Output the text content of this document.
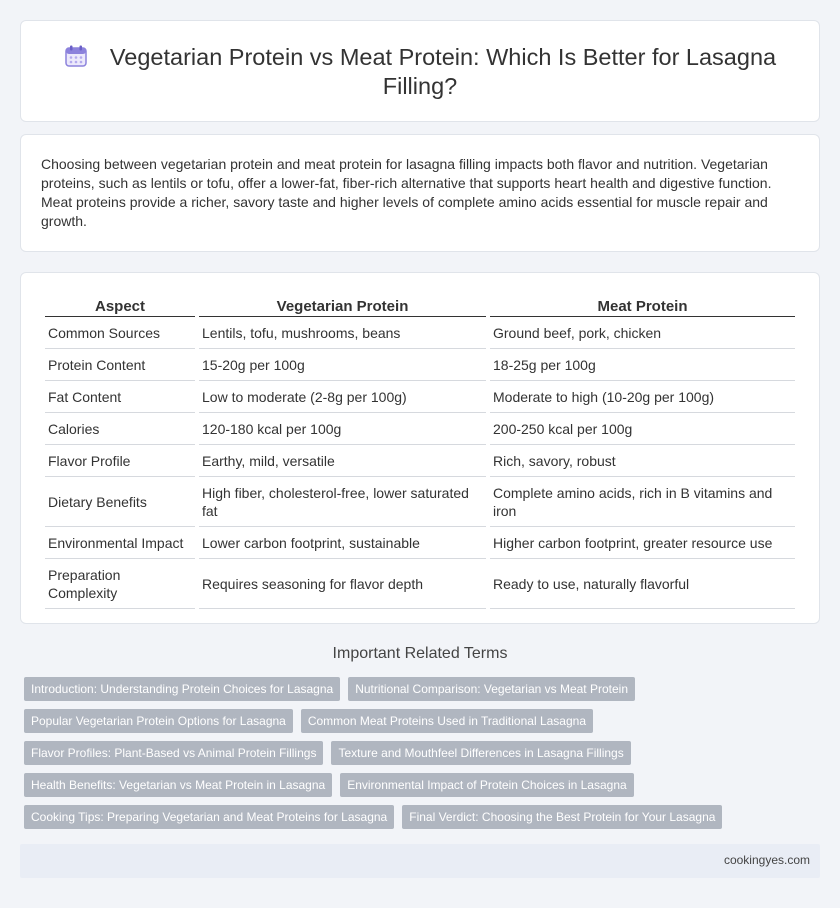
Vegetarian Protein vs Meat Protein: Which Is Better for Lasagna Filling?

Choosing between vegetarian protein and meat protein for lasagna filling impacts both flavor and nutrition. Vegetarian proteins, such as lentils or tofu, offer a lower-fat, fiber-rich alternative that supports heart health and digestive function. Meat proteins provide a richer, savory taste and higher levels of complete amino acids essential for muscle repair and growth.

Aspect	Vegetarian Protein	Meat Protein
Common Sources	Lentils, tofu, mushrooms, beans	Ground beef, pork, chicken
Protein Content	15-20g per 100g	18-25g per 100g
Fat Content	Low to moderate (2-8g per 100g)	Moderate to high (10-20g per 100g)
Calories	120-180 kcal per 100g	200-250 kcal per 100g
Flavor Profile	Earthy, mild, versatile	Rich, savory, robust
Dietary Benefits	High fiber, cholesterol-free, lower saturated fat	Complete amino acids, rich in B vitamins and iron
Environmental Impact	Lower carbon footprint, sustainable	Higher carbon footprint, greater resource use
Preparation Complexity	Requires seasoning for flavor depth	Ready to use, naturally flavorful
Important Related Terms
Introduction: Understanding Protein Choices for Lasagna	Nutritional Comparison: Vegetarian vs Meat Protein
Popular Vegetarian Protein Options for Lasagna	Common Meat Proteins Used in Traditional Lasagna
Flavor Profiles: Plant-Based vs Animal Protein Fillings	Texture and Mouthfeel Differences in Lasagna Fillings
Health Benefits: Vegetarian vs Meat Protein in Lasagna	Environmental Impact of Protein Choices in Lasagna
Cooking Tips: Preparing Vegetarian and Meat Proteins for Lasagna	Final Verdict: Choosing the Best Protein for Your Lasagna
cookingyes.com
